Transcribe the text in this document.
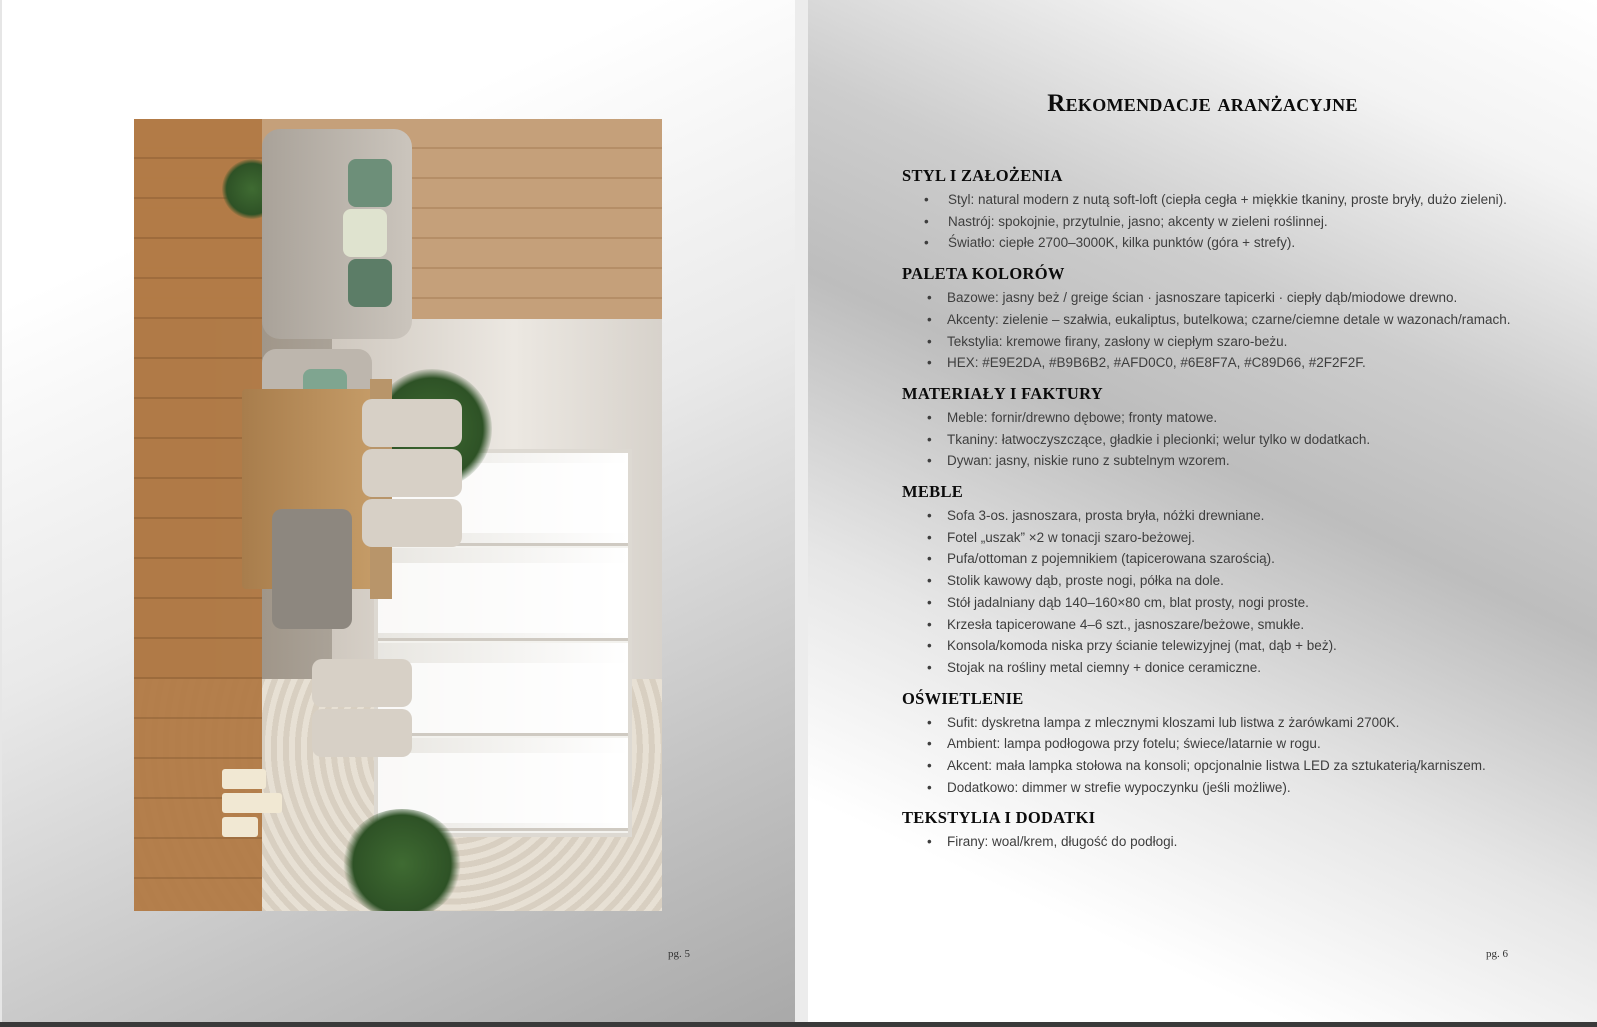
pg. 5
Rekomendacje aranżacyjne
STYL I ZAŁOŻENIA
• Styl: natural modern z nutą soft-loft (ciepła cegła + miękkie tkaniny, proste bryły, dużo zieleni).
• Nastrój: spokojnie, przytulnie, jasno; akcenty w zieleni roślinnej.
• Światło: ciepłe 2700–3000K, kilka punktów (góra + strefy).
PALETA KOLORÓW
• Bazowe: jasny beż / greige ścian · jasnoszare tapicerki · ciepły dąb/miodowe drewno.
• Akcenty: zielenie – szałwia, eukaliptus, butelkowa; czarne/ciemne detale w wazonach/ramach.
• Tekstylia: kremowe firany, zasłony w ciepłym szaro-beżu.
• HEX: #E9E2DA, #B9B6B2, #AFD0C0, #6E8F7A, #C89D66, #2F2F2F.
MATERIAŁY I FAKTURY
• Meble: fornir/drewno dębowe; fronty matowe.
• Tkaniny: łatwoczyszczące, gładkie i plecionki; welur tylko w dodatkach.
• Dywan: jasny, niskie runo z subtelnym wzorem.
MEBLE
• Sofa 3-os. jasnoszara, prosta bryła, nóżki drewniane.
• Fotel „uszak” ×2 w tonacji szaro-beżowej.
• Pufa/ottoman z pojemnikiem (tapicerowana szarością).
• Stolik kawowy dąb, proste nogi, półka na dole.
• Stół jadalniany dąb 140–160×80 cm, blat prosty, nogi proste.
• Krzesła tapicerowane 4–6 szt., jasnoszare/beżowe, smukłe.
• Konsola/komoda niska przy ścianie telewizyjnej (mat, dąb + beż).
• Stojak na rośliny metal ciemny + donice ceramiczne.
OŚWIETLENIE
• Sufit: dyskretna lampa z mlecznymi kloszami lub listwa z żarówkami 2700K.
• Ambient: lampa podłogowa przy fotelu; świece/latarnie w rogu.
• Akcent: mała lampka stołowa na konsoli; opcjonalnie listwa LED za sztukaterią/karniszem.
• Dodatkowo: dimmer w strefie wypoczynku (jeśli możliwe).
TEKSTYLIA I DODATKI
• Firany: woal/krem, długość do podłogi.
pg. 6
